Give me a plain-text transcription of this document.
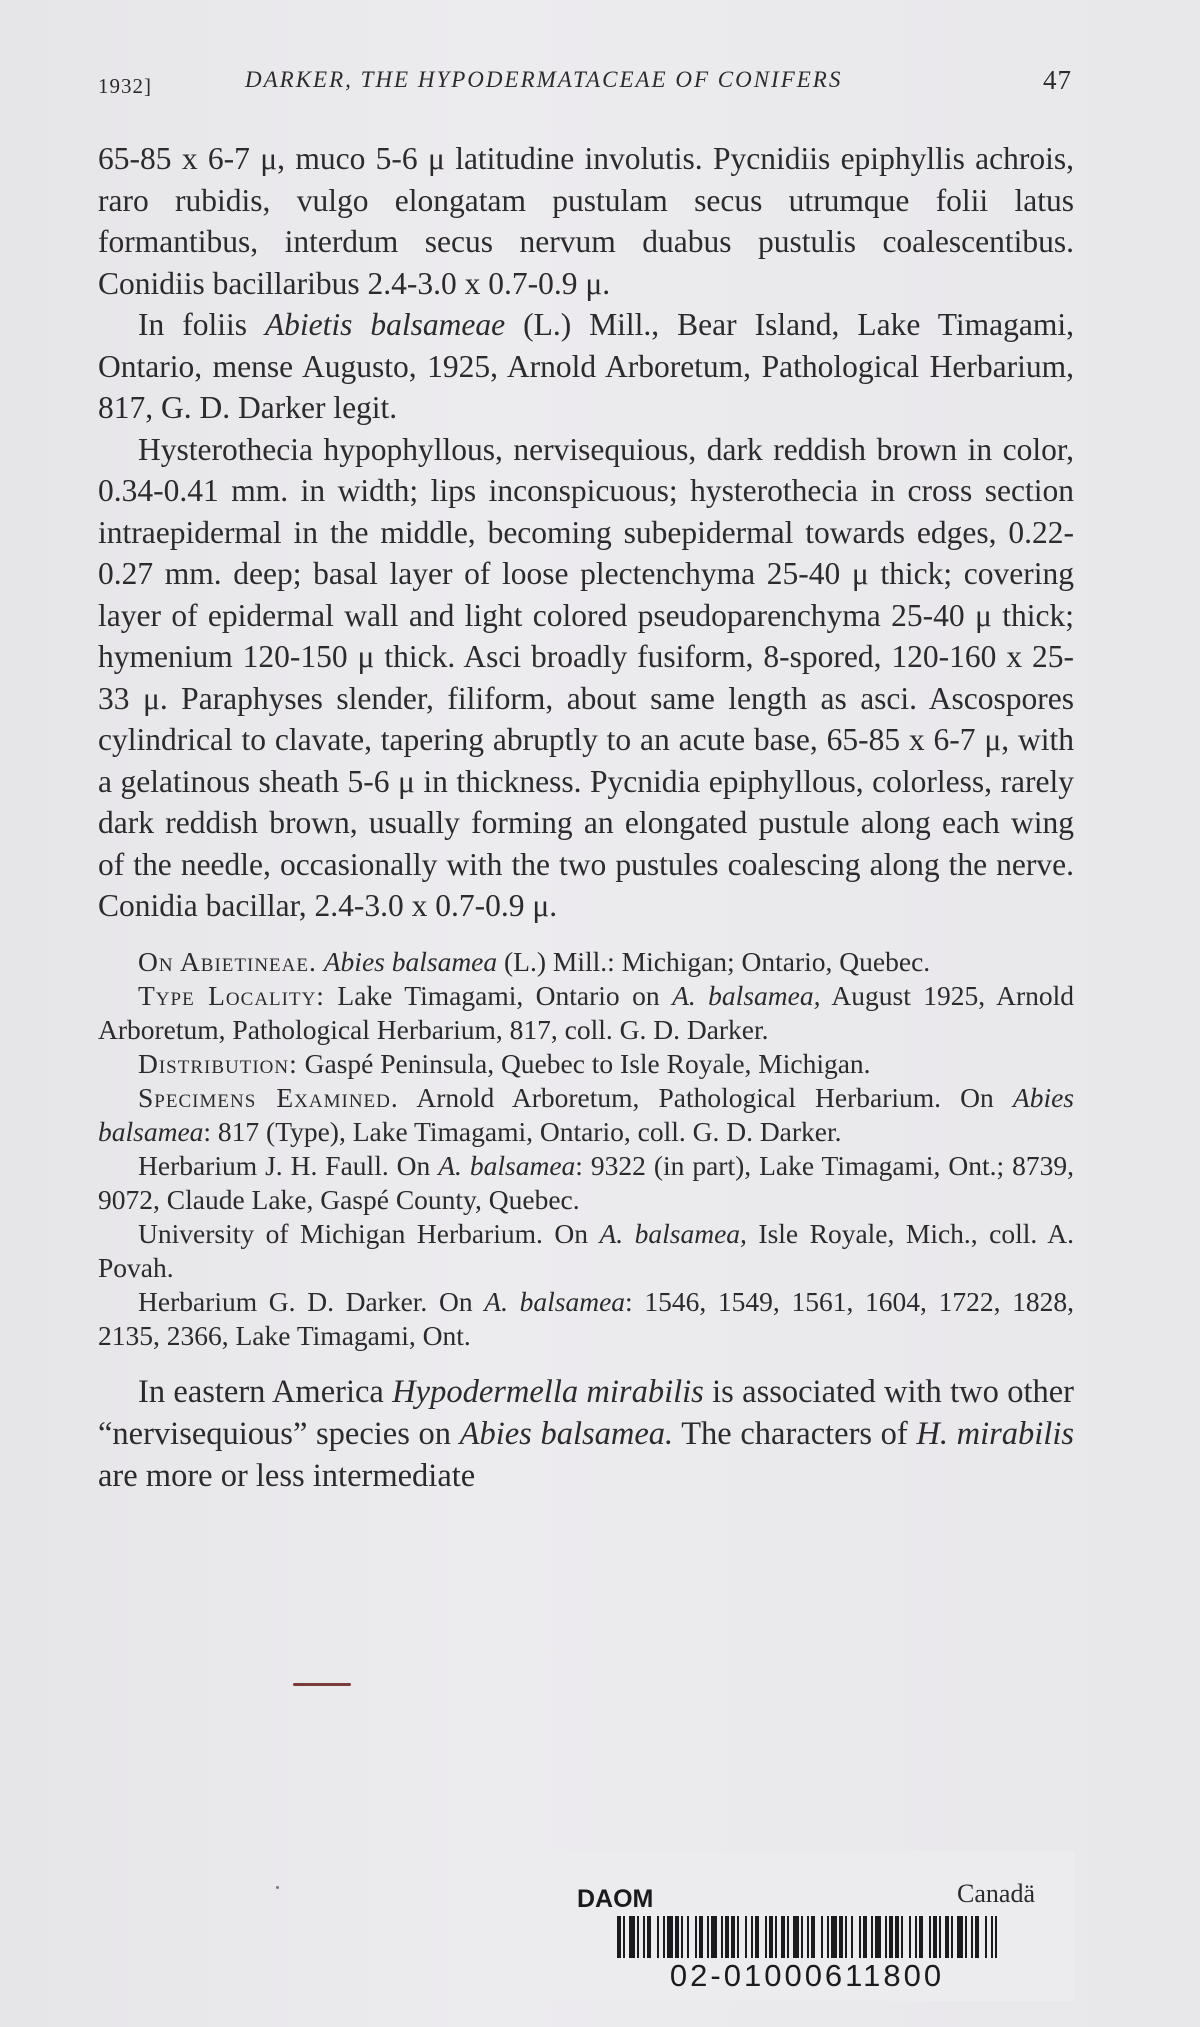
1932]	DARKER, THE HYPODERMATACEAE OF CONIFERS	47

65-85 x 6-7 μ, muco 5-6 μ latitudine involutis. Pycnidiis epiphyllis achrois, raro rubidis, vulgo elongatam pustulam secus utrumque folii latus formantibus, interdum secus nervum duabus pustulis coalescentibus. Conidiis bacillaribus 2.4-3.0 x 0.7-0.9 μ.

In foliis Abietis balsameae (L.) Mill., Bear Island, Lake Timagami, Ontario, mense Augusto, 1925, Arnold Arboretum, Pathological Herbarium, 817, G. D. Darker legit.

Hysterothecia hypophyllous, nervisequious, dark reddish brown in color, 0.34-0.41 mm. in width; lips inconspicuous; hysterothecia in cross section intraepidermal in the middle, becoming subepidermal towards edges, 0.22-0.27 mm. deep; basal layer of loose plectenchyma 25-40 μ thick; covering layer of epidermal wall and light colored pseudoparenchyma 25-40 μ thick; hymenium 120-150 μ thick. Asci broadly fusiform, 8-spored, 120-160 x 25-33 μ. Paraphyses slender, filiform, about same length as asci. Ascospores cylindrical to clavate, tapering abruptly to an acute base, 65-85 x 6-7 μ, with a gelatinous sheath 5-6 μ in thickness. Pycnidia epiphyllous, colorless, rarely dark reddish brown, usually forming an elongated pustule along each wing of the needle, occasionally with the two pustules coalescing along the nerve. Conidia bacillar, 2.4-3.0 x 0.7-0.9 μ.

On Abietineae. Abies balsamea (L.) Mill.: Michigan; Ontario, Quebec.

Type Locality: Lake Timagami, Ontario on A. balsamea, August 1925, Arnold Arboretum, Pathological Herbarium, 817, coll. G. D. Darker.

Distribution: Gaspé Peninsula, Quebec to Isle Royale, Michigan.

Specimens Examined. Arnold Arboretum, Pathological Herbarium. On Abies balsamea: 817 (Type), Lake Timagami, Ontario, coll. G. D. Darker.

Herbarium J. H. Faull. On A. balsamea: 9322 (in part), Lake Timagami, Ont.; 8739, 9072, Claude Lake, Gaspé County, Quebec.

University of Michigan Herbarium. On A. balsamea, Isle Royale, Mich., coll. A. Povah.

Herbarium G. D. Darker. On A. balsamea: 1546, 1549, 1561, 1604, 1722, 1828, 2135, 2366, Lake Timagami, Ont.

In eastern America Hypodermella mirabilis is associated with two other “nervisequious” species on Abies balsamea. The characters of H. mirabilis are more or less intermediate

DAOM	Canadä
02-01000611800
